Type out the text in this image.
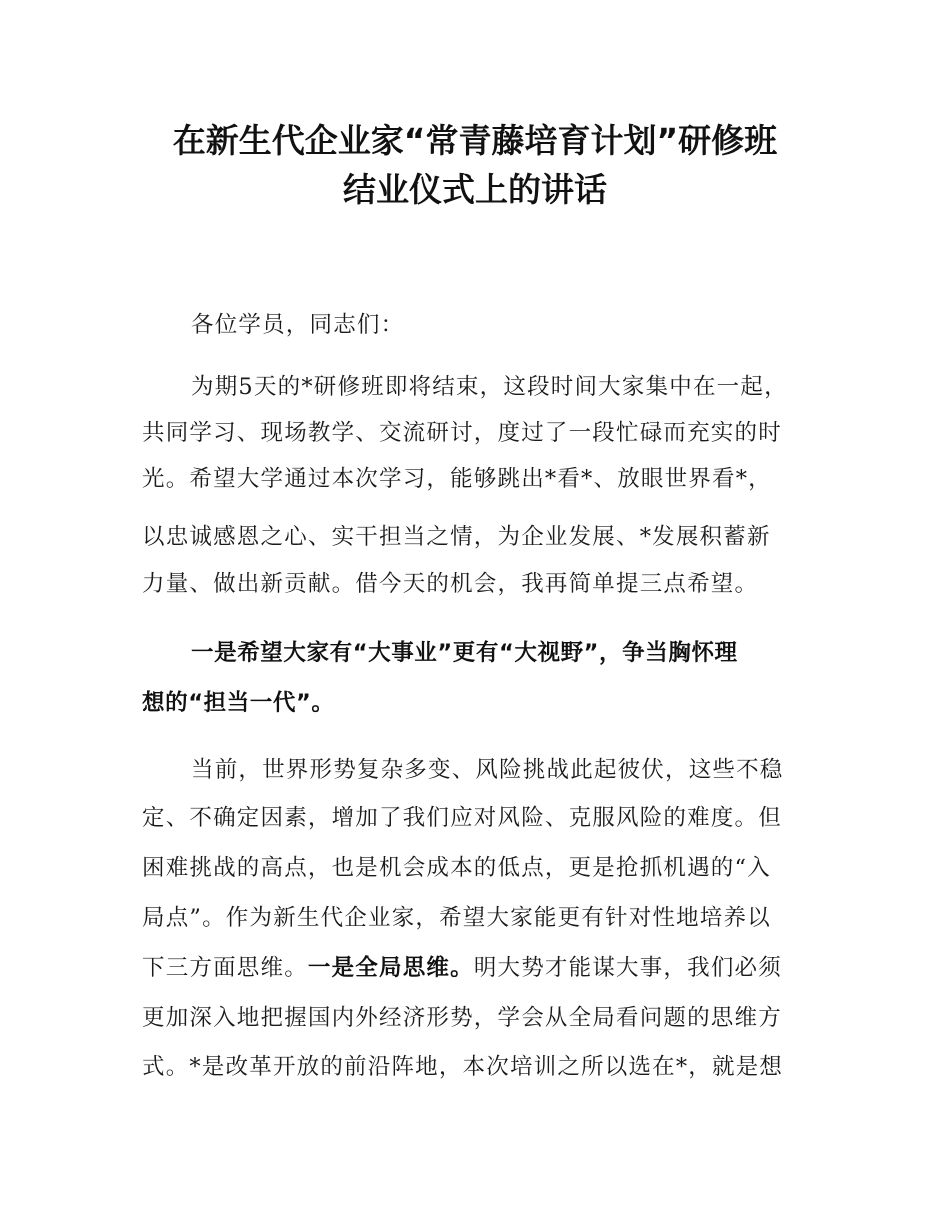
在新生代企业家“常青藤培育计划”研修班
结业仪式上的讲话
各位学员，同志们：
为期5天的*研修班即将结束，这段时间大家集中在一起，
共同学习、现场教学、交流研讨，度过了一段忙碌而充实的时
光。希望大学通过本次学习，能够跳出*看*、放眼世界看*，
以忠诚感恩之心、实干担当之情，为企业发展、*发展积蓄新
力量、做出新贡献。借今天的机会，我再简单提三点希望。
一是希望大家有“大事业”更有“大视野”，争当胸怀理
想的“担当一代”。
当前，世界形势复杂多变、风险挑战此起彼伏，这些不稳
定、不确定因素，增加了我们应对风险、克服风险的难度。但
困难挑战的高点，也是机会成本的低点，更是抢抓机遇的“入
局点”。作为新生代企业家，希望大家能更有针对性地培养以
下三方面思维。一是全局思维。明大势才能谋大事，我们必须
更加深入地把握国内外经济形势，学会从全局看问题的思维方
式。*是改革开放的前沿阵地，本次培训之所以选在*，就是想
